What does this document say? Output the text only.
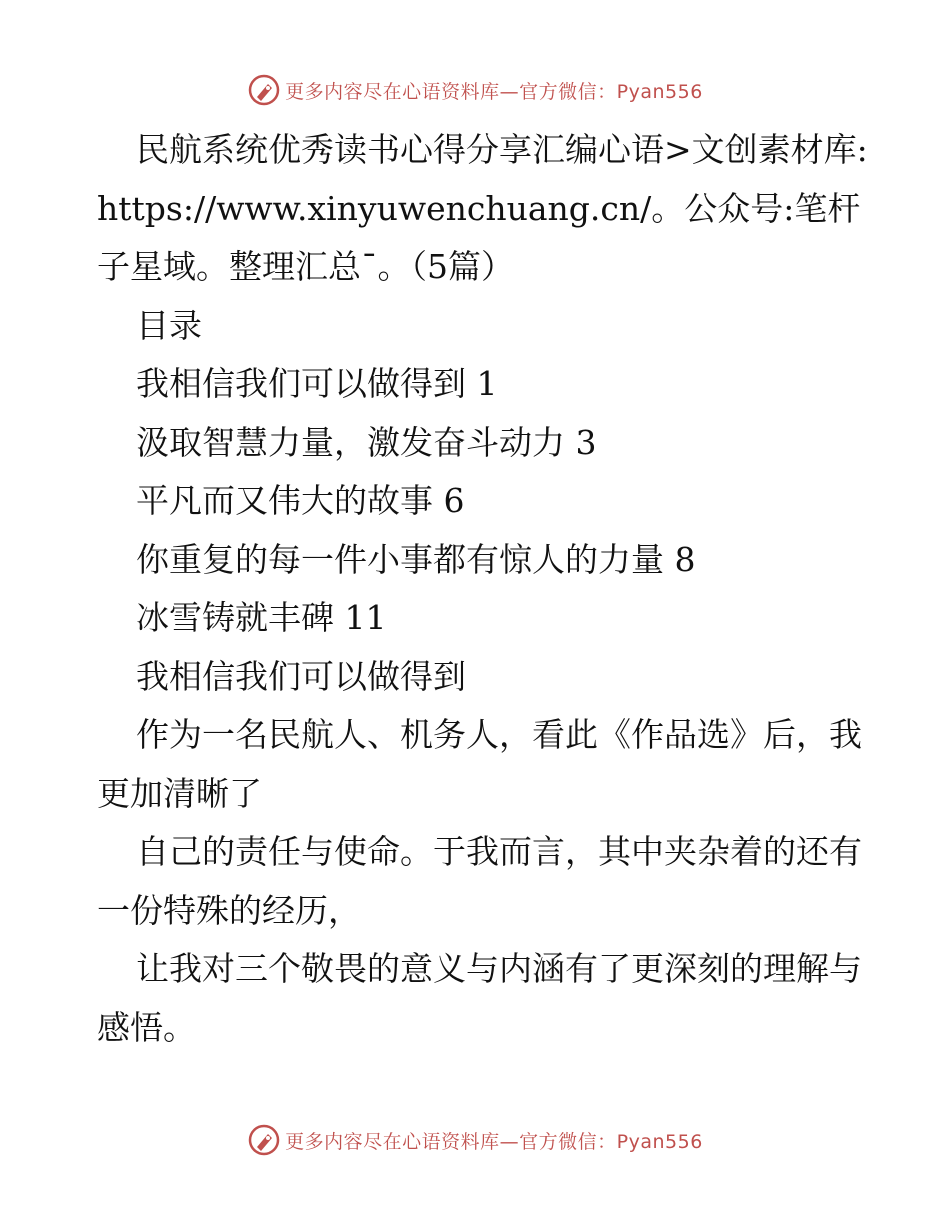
更多内容尽在心语资料库—官方微信：Pyan556

民航系统优秀读书心得分享汇编心语>文创素材库: https://www.xinyuwenchuang.cn/。公众号:笔杆子星域。整理汇总¯。（5篇）

目录

我相信我们可以做得到 1

汲取智慧力量，激发奋斗动力 3

平凡而又伟大的故事 6

你重复的每一件小事都有惊人的力量 8

冰雪铸就丰碑 11

我相信我们可以做得到

作为一名民航人、机务人，看此《作品选》后，我更加清晰了

自己的责任与使命。于我而言，其中夹杂着的还有一份特殊的经历，

让我对三个敬畏的意义与内涵有了更深刻的理解与感悟。

更多内容尽在心语资料库—官方微信：Pyan556
